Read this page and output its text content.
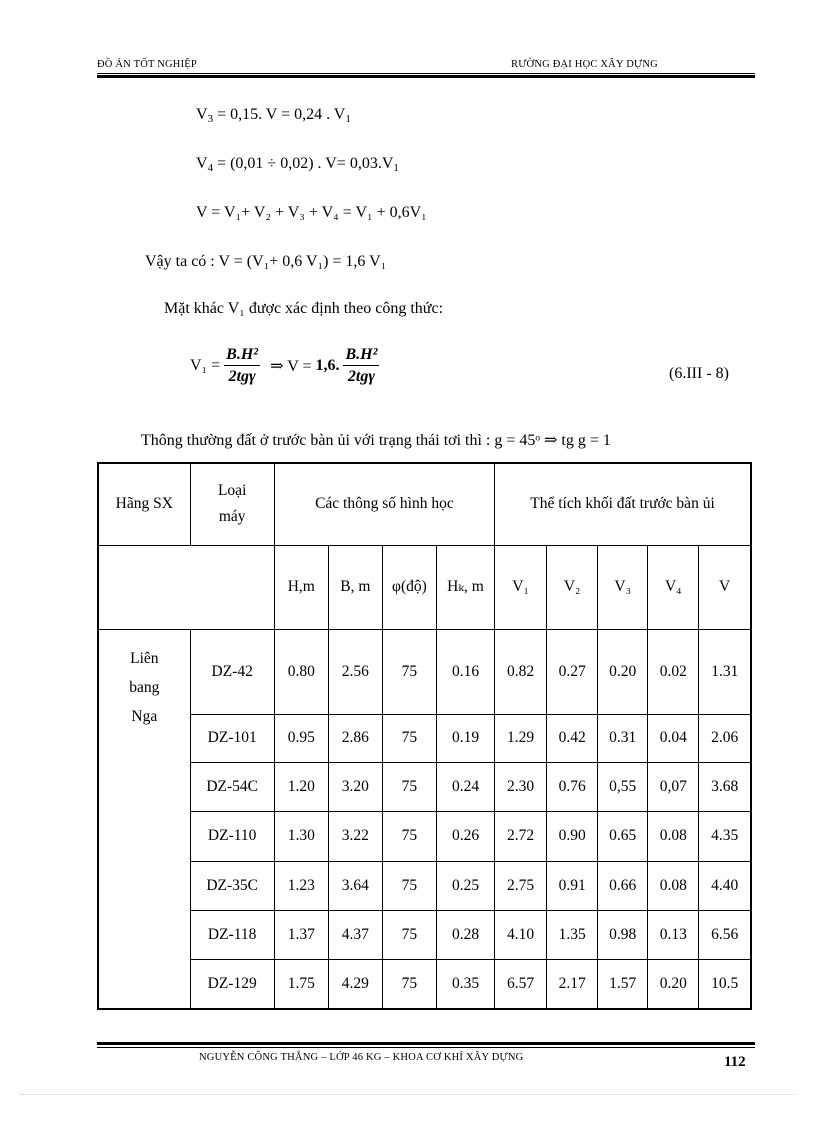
ĐỒ ÁN TỐT NGHIỆP	RƯỜNG ĐẠI HỌC XÂY DỰNG
$V_3 = 0,15$. V = 0,24 . $V_1$
$V_4 = (0,01 \div 0,02)$ . $V= 0,03.V_1$
V = V₁+ V₂ + V₃ + V₄ = V₁ + 0,6V₁
Vậy ta có : V = (V₁+ 0,6 V₁) = 1,6 V₁
Mặt khác V₁ được xác định theo công thức:
$V_1 = \frac{\text{B.H²}}{\text{2tgγ}}$ ⇒ V = 1,6. $\frac{\text{B.H²}}{\text{2tgγ}}$	(6.III - 8)
Thông thường đất ở trước bàn ủi với trạng thái tơi thì : g = 45ᵒ ⇒ tg g = 1
Hãng SX	Loại máy	Các thông số hình học				Thể tích khối đất trước bàn ủi				
		H,m	B, m	φ(độ)	Hₖ, m	V₁	V₂	V₃	V₄	V
Liên bang Nga	DZ-42	0.80	2.56	75	0.16	0.82	0.27	0.20	0.02	1.31
	DZ-101	0.95	2.86	75	0.19	1.29	0.42	0.31	0.04	2.06
	DZ-54C	1.20	3.20	75	0.24	2.30	0.76	0,55	0,07	3.68
	DZ-110	1.30	3.22	75	0.26	2.72	0.90	0.65	0.08	4.35
	DZ-35C	1.23	3.64	75	0.25	2.75	0.91	0.66	0.08	4.40
	DZ-118	1.37	4.37	75	0.28	4.10	1.35	0.98	0.13	6.56
	DZ-129	1.75	4.29	75	0.35	6.57	2.17	1.57	0.20	10.5
NGUYỄN CÔNG THẮNG – LỚP 46 KG – KHOA CƠ KHÍ XÂY DỰNG	112
